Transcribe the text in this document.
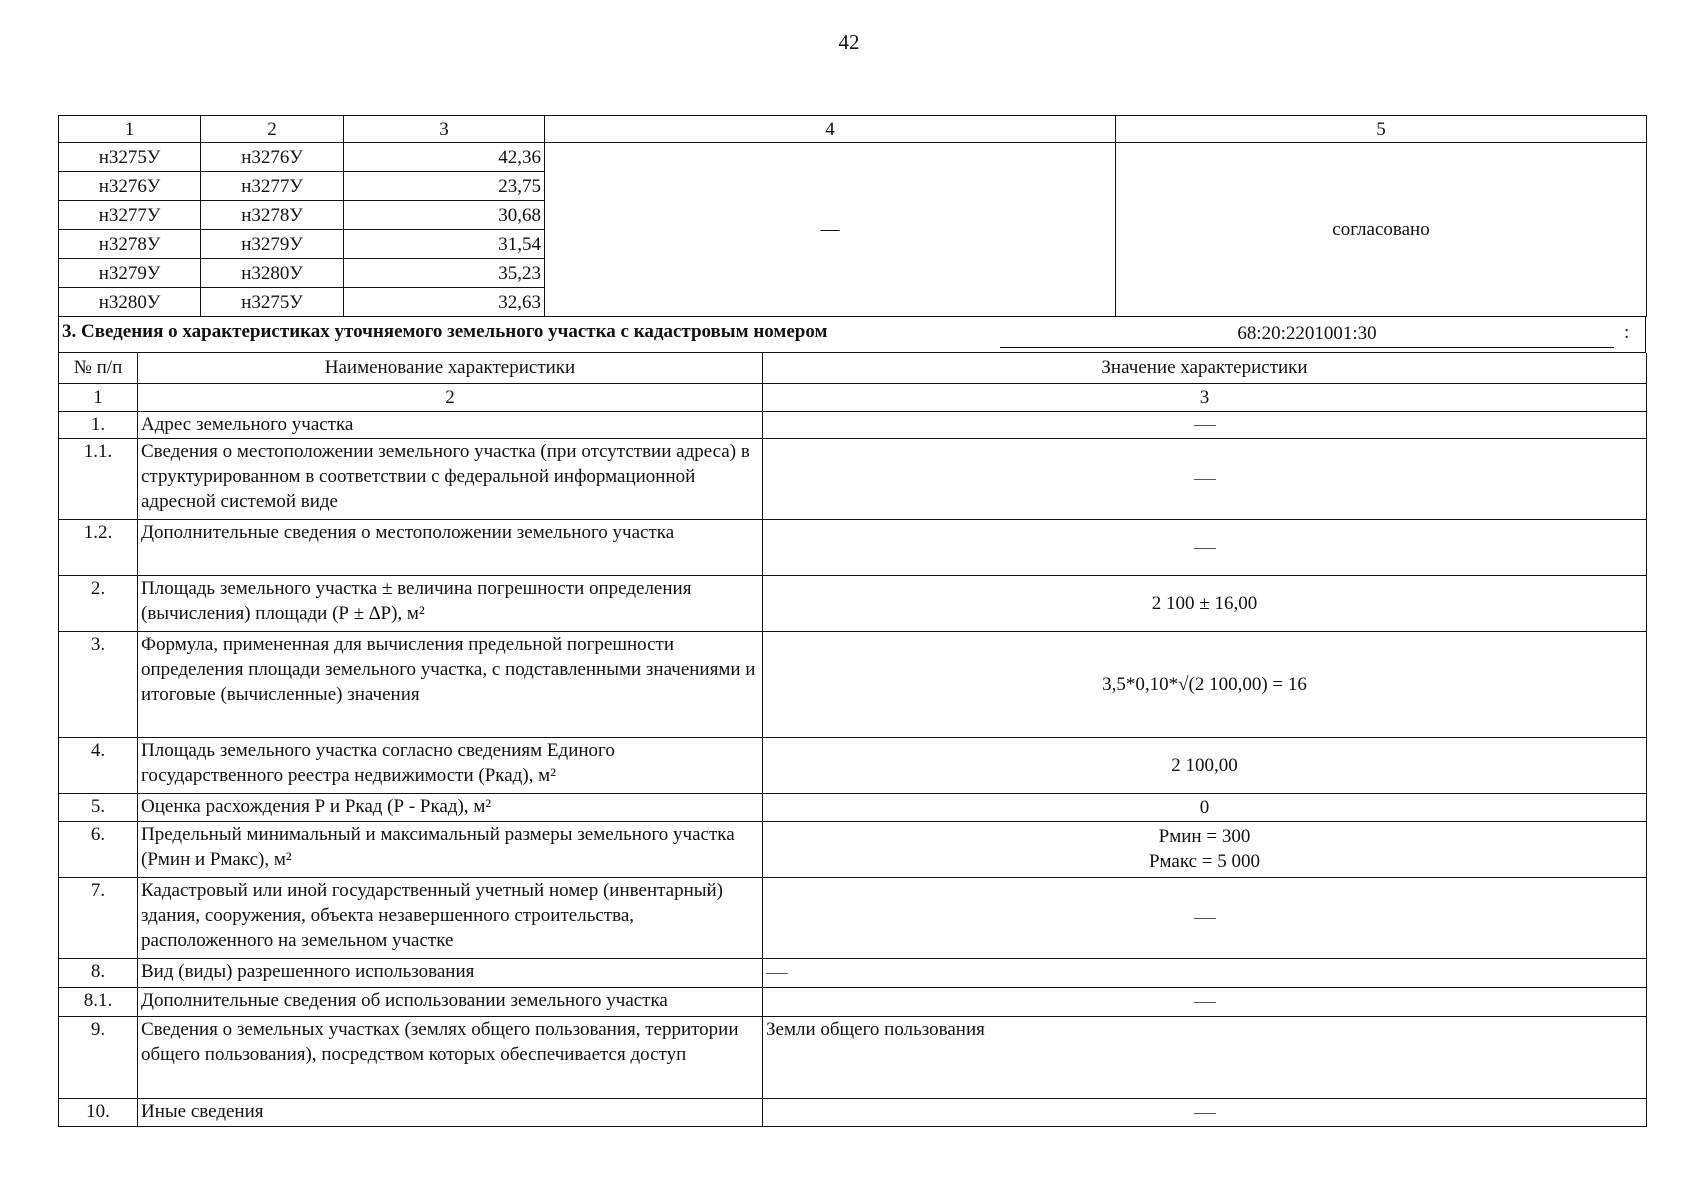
42
1	2	3	4	5
н3275У	н3276У	42,36	—	согласовано
н3276У	н3277У	23,75		
н3277У	н3278У	30,68		
н3278У	н3279У	31,54		
н3279У	н3280У	35,23		
н3280У	н3275У	32,63		
3. Сведения о характеристиках уточняемого земельного участка с кадастровым номером	68:20:2201001:30	:
№ п/п	Наименование характеристики	Значение характеристики
1	2	3
1.	Адрес земельного участка	
1.1.	Сведения о местоположении земельного участка (при отсутствии адреса) в структурированном в соответствии с федеральной информационной адресной системой виде	
1.2.	Дополнительные сведения о местоположении земельного участка	
2.	Площадь земельного участка ± величина погрешности определения (вычисления) площади (Р ± ∆Р), м²	2 100 ± 16,00
3.	Формула, примененная для вычисления предельной погрешности определения площади земельного участка, с подставленными значениями и итоговые (вычисленные) значения	3,5*0,10*√(2 100,00) = 16
4.	Площадь земельного участка согласно сведениям Единого государственного реестра недвижимости (Ркад), м²	2 100,00
5.	Оценка расхождения Р и Ркад (Р - Ркад), м²	0
6.	Предельный минимальный и максимальный размеры земельного участка (Рмин и Рмакс), м²	Рмин = 300
Рмакс = 5 000

7.	Кадастровый или иной государственный учетный номер (инвентарный) здания, сооружения, объекта незавершенного строительства, расположенного на земельном участке	
8.	Вид (виды) разрешенного использования	
8.1.	Дополнительные сведения об использовании земельного участка	
9.	Сведения о земельных участках (землях общего пользования, территории общего пользования), посредством которых обеспечивается доступ	Земли общего пользования
10.	Иные сведения	
